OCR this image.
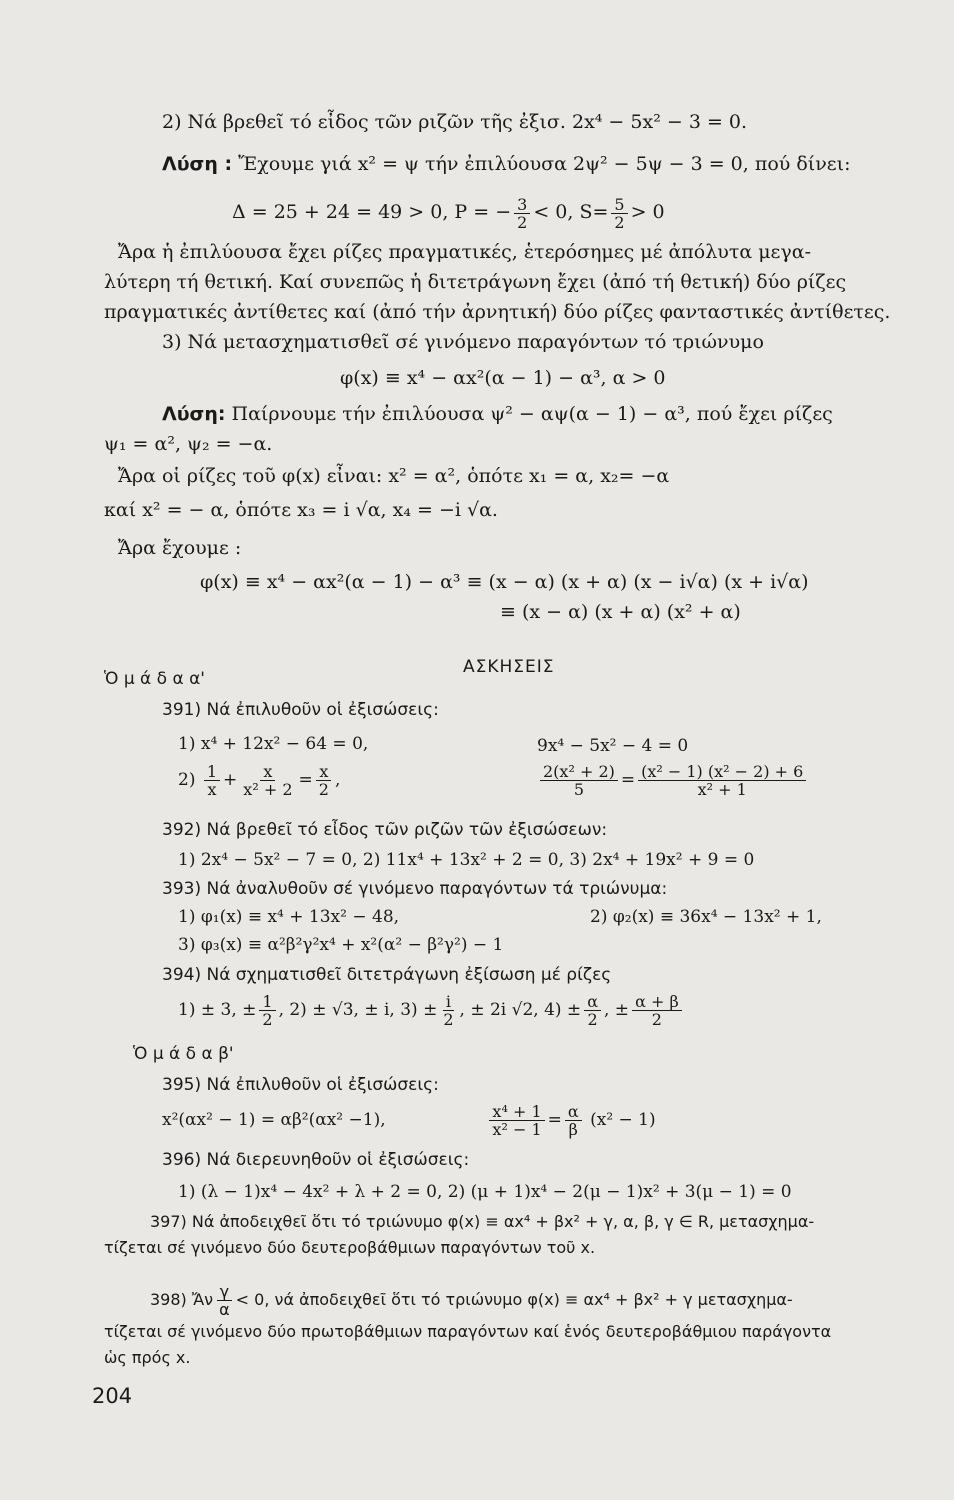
2) Νά βρεθεῖ τό εἶδος τῶν ριζῶν τῆς ἐξισ. 2x⁴ − 5x² − 3 = 0.
Λύση : Ἔχουμε γιά x² = ψ τήν ἐπιλύουσα 2ψ² − 5ψ − 3 = 0, πού δίνει:
Δ = 25 + 24 = 49 > 0, P = − $\frac{3}{2} < 0$, $S= \frac{5}{2} > 0$
Ἄρα ἡ ἐπιλύουσα ἔχει ρίζες πραγματικές, ἑτερόσημες μέ ἀπόλυτα μεγα-
λύτερη τή θετική. Καί συνεπῶς ἡ διτετράγωνη ἔχει (ἀπό τή θετική) δύο ρίζες
πραγματικές ἀντίθετες καί (ἀπό τήν ἀρνητική) δύο ρίζες φανταστικές ἀντίθετες.
3) Νά μετασχηματισθεῖ σέ γινόμενο παραγόντων τό τριώνυμο
φ(x) ≡ x⁴ − αx²(α − 1) − α³, α > 0
Λύση: Παίρνουμε τήν ἐπιλύουσα ψ² − αψ(α − 1) − α³, πού ἔχει ρίζες
ψ₁ = α², ψ₂ = −α.
Ἄρα οἱ ρίζες τοῦ φ(x) εἶναι: x² = α², ὁπότε x₁ = α, x₂= −α
καί x² = − α, ὁπότε x₃ = i √α, x₄ = −i √α.
Ἄρα ἔχουμε :
φ(x) ≡ x⁴ − αx²(α − 1) − α³ ≡ (x − α) (x + α) (x − i√α) (x + i√α)
≡ (x − α) (x + α) (x² + α)
ΑΣΚΗΣΕΙΣ
Ὁ μ ά δ α α'
391) Νά ἐπιλυθοῦν οἱ ἐξισώσεις:
1) x⁴ + 12x² − 64 = 0,	9x⁴ − 5x² − 4 = 0
$2) \frac{1}{x} + \frac{x}{\text{x² + 2}} = \frac{x}{2}$ ,	$\frac{\text{2(x² + 2)}}{5} = \frac{\text{(x² − 1) (x² − 2) + 6}}{\text{x² + 1}}$
392) Νά βρεθεῖ τό εἶδος τῶν ριζῶν τῶν ἐξισώσεων:
1) 2x⁴ − 5x² − 7 = 0, 2) 11x⁴ + 13x² + 2 = 0, 3) 2x⁴ + 19x² + 9 = 0
393) Νά ἀναλυθοῦν σέ γινόμενο παραγόντων τά τριώνυμα:
1) φ₁(x) ≡ x⁴ + 13x² − 48,	2) φ₂(x) ≡ 36x⁴ − 13x² + 1,
3) φ₃(x) ≡ α²β²γ²x⁴ + x²(α² − β²γ²) − 1
394) Νά σχηματισθεῖ διτετράγωνη ἐξίσωση μέ ρίζες
1) ± 3, ± $\frac{1}{2}$ , 2) ± √3, ± i, $3) \pm \frac{i}{2}$ , ± 2i √2, $4) \pm \frac{\alpha}{2}$ , ± $\frac{\alpha + \beta}{2}$
Ὁ μ ά δ α β'
395) Νά ἐπιλυθοῦν οἱ ἐξισώσεις:
x²(αx² − 1) = αβ²(αx² −1),	$\frac{\text{x⁴ + 1}}{\text{x² − 1}} = \frac{\alpha}{\beta} (x^2 - 1)$
396) Νά διερευνηθοῦν οἱ ἐξισώσεις:
1) (λ − 1)x⁴ − 4x² + λ + 2 = 0, 2) (μ + 1)x⁴ − 2(μ − 1)x² + 3(μ − 1) = 0
397) Νά ἀποδειχθεῖ ὅτι τό τριώνυμο φ(x) ≡ αx⁴ + βx² + γ, α, β, γ ∈ R, μετασχημα-
τίζεται σέ γινόμενο δύο δευτεροβάθμιων παραγόντων τοῦ x.
398) Ἄν $\frac{\gamma}{\alpha} < 0$, νά ἀποδειχθεῖ ὅτι τό τριώνυμο φ(x) ≡ αx⁴ + βx² + γ μετασχημα-
τίζεται σέ γινόμενο δύο πρωτοβάθμιων παραγόντων καί ἑνός δευτεροβάθμιου παράγοντα
ὡς πρός x.
204
